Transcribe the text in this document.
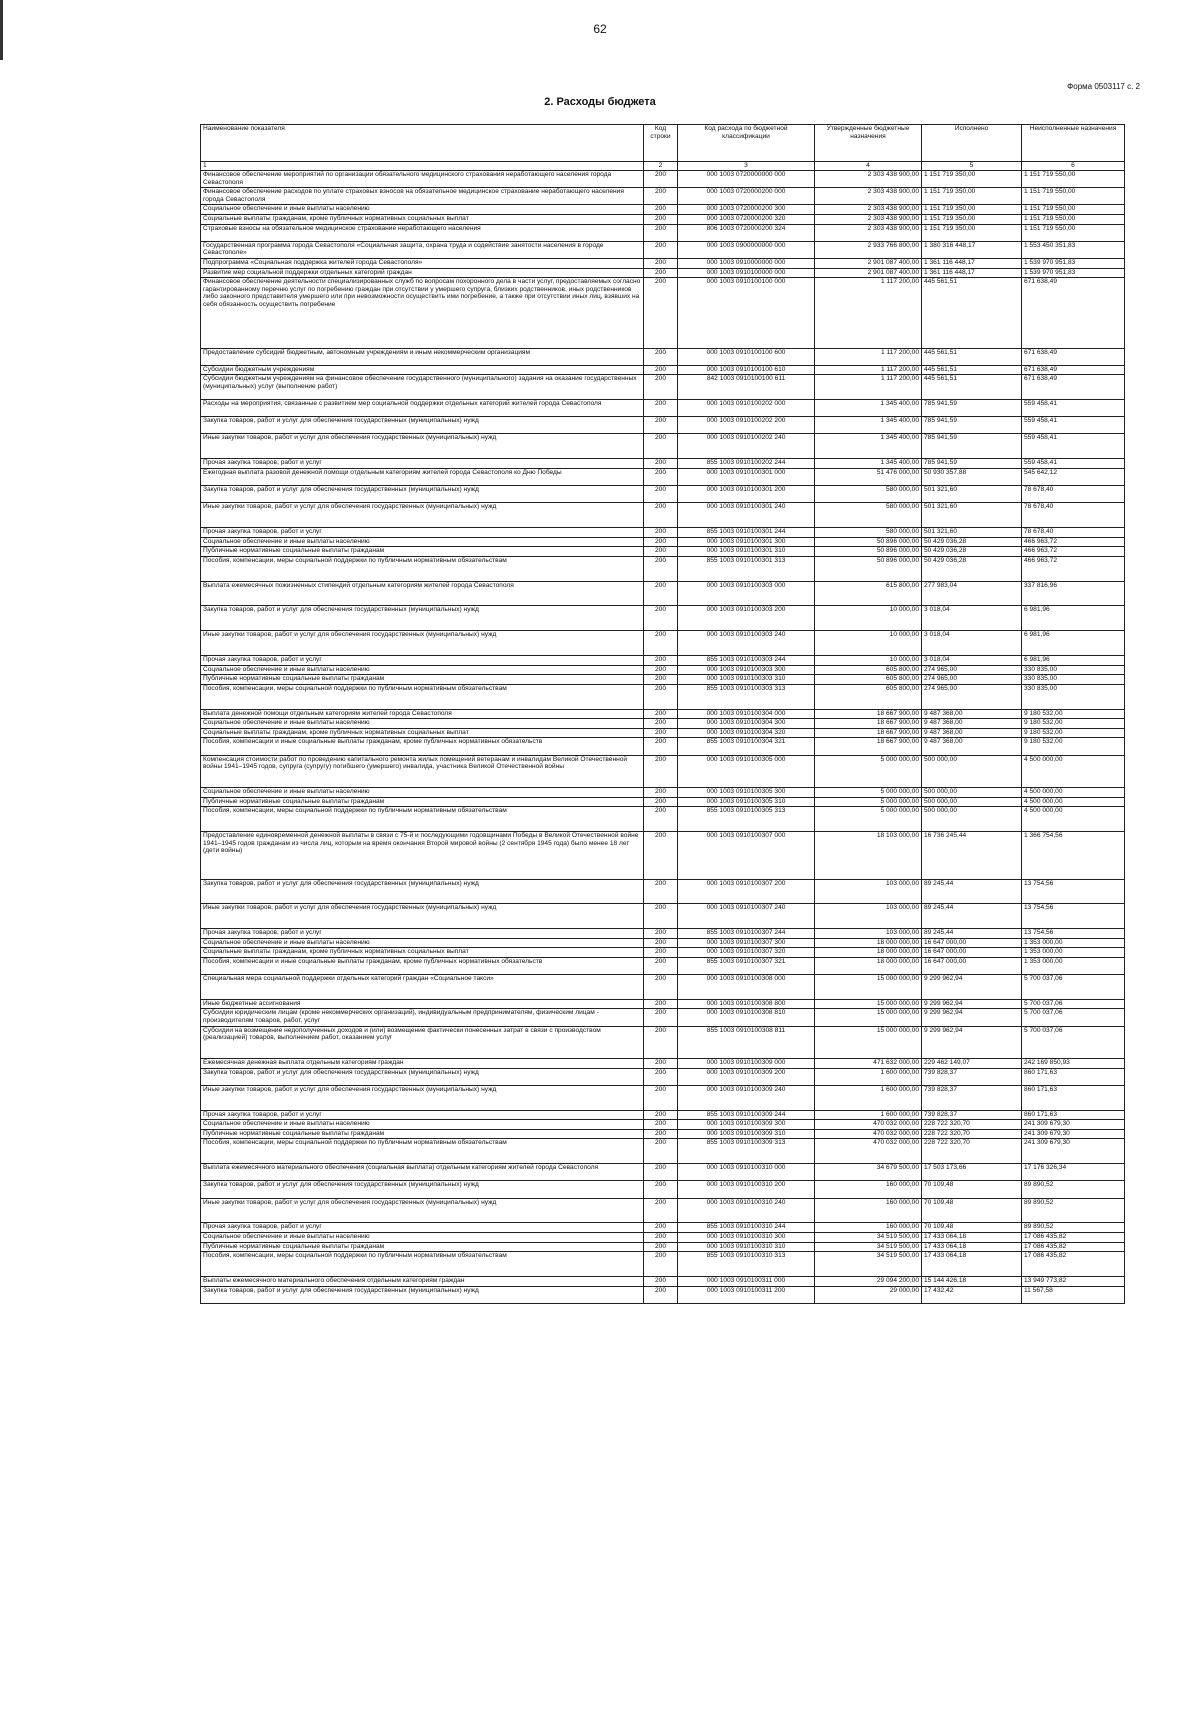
62
Форма 0503117 с. 2
2. Расходы бюджета
Наименование показателя	Код строки	Код расхода по бюджетной классификации	Утвержденные бюджетные назначения	Исполнено	Неисполненные назначения
1	2	3	4	5	6
Финансовое обеспечение мероприятий по организации обязательного медицинского страхования неработающего населения города Севастополя	200	000 1003 0720000000 000	2 303 438 900,00	1 151 719 350,00	1 151 719 550,00
Финансовое обеспечение расходов по уплате страховых взносов на обязательное медицинское страхование неработающего населения города Севастополя	200	000 1003 0720000200 000	2 303 438 900,00	1 151 719 350,00	1 151 719 550,00
Социальное обеспечение и иные выплаты населению	200	000 1003 0720000200 300	2 303 438 900,00	1 151 719 350,00	1 151 719 550,00
Социальные выплаты гражданам, кроме публичных нормативных социальных выплат	200	000 1003 0720000200 320	2 303 438 900,00	1 151 719 350,00	1 151 719 550,00
Страховые взносы на обязательное медицинское страхование неработающего населения	200	806 1003 0720000200 324	2 303 438 900,00	1 151 719 350,00	1 151 719 550,00
Государственная программа города Севастополя «Социальная защита, охрана труда и содействие занятости населения в городе Севастополе»	200	000 1003 0900000000 000	2 933 766 800,00	1 380 316 448,17	1 553 450 351,83
Подпрограмма «Социальная поддержка жителей города Севастополя»	200	000 1003 0910000000 000	2 901 087 400,00	1 361 116 448,17	1 539 970 951,83
Развитие мер социальной поддержки отдельных категорий граждан	200	000 1003 0910100000 000	2 901 087 400,00	1 361 116 448,17	1 539 970 951,83
Финансовое обеспечение деятельности специализированных служб по вопросам похоронного дела в части услуг, предоставляемых согласно гарантированному перечню услуг по погребению граждан при отсутствии у умершего супруга, близких родственников, иных родственников либо законного представителя умершего или при невозможности осуществить ими погребение, а также при отсутствии иных лиц, взявших на себя обязанность осуществить погребение	200	000 1003 0910100100 000	1 117 200,00	445 561,51	671 638,49
Предоставление субсидий бюджетным, автономным учреждениям и иным некоммерческим организациям	200	000 1003 0910100100 600	1 117 200,00	445 561,51	671 638,49
Субсидии бюджетным учреждениям	200	000 1003 0910100100 610	1 117 200,00	445 561,51	671 638,49
Субсидии бюджетным учреждениям на финансовое обеспечение государственного (муниципального) задания на оказание государственных (муниципальных) услуг (выполнение работ)	200	842 1003 0910100100 611	1 117 200,00	445 561,51	671 638,49
Расходы на мероприятия, связанные с развитием мер социальной поддержки отдельных категорий жителей города Севастополя	200	000 1003 0910100202 000	1 345 400,00	785 941,59	559 458,41
Закупка товаров, работ и услуг для обеспечения государственных (муниципальных) нужд	200	000 1003 0910100202 200	1 345 400,00	785 941,59	559 458,41
Иные закупки товаров, работ и услуг для обеспечения государственных (муниципальных) нужд	200	000 1003 0910100202 240	1 345 400,00	785 941,59	559 458,41
Прочая закупка товаров, работ и услуг	200	855 1003 0910100202 244	1 345 400,00	785 941,59	559 458,41
Ежегодная выплата разовой денежной помощи отдельным категориям жителей города Севастополя ко Дню Победы	200	000 1003 0910100301 000	51 476 000,00	50 930 357,88	545 642,12
Закупка товаров, работ и услуг для обеспечения государственных (муниципальных) нужд	200	000 1003 0910100301 200	580 000,00	501 321,60	78 678,40
Иные закупки товаров, работ и услуг для обеспечения государственных (муниципальных) нужд	200	000 1003 0910100301 240	580 000,00	501 321,60	78 678,40
Прочая закупка товаров, работ и услуг	200	855 1003 0910100301 244	580 000,00	501 321,60	78 678,40
Социальное обеспечение и иные выплаты населению	200	000 1003 0910100301 300	50 896 000,00	50 429 036,28	466 963,72
Публичные нормативные социальные выплаты гражданам	200	000 1003 0910100301 310	50 896 000,00	50 429 036,28	466 963,72
Пособия, компенсации, меры социальной поддержки по публичным нормативным обязательствам	200	855 1003 0910100301 313	50 896 000,00	50 429 036,28	466 963,72
Выплата ежемесячных пожизненных стипендий отдельным категориям жителей города Севастополя	200	000 1003 0910100303 000	615 800,00	277 983,04	337 816,96
Закупка товаров, работ и услуг для обеспечения государственных (муниципальных) нужд	200	000 1003 0910100303 200	10 000,00	3 018,04	6 981,96
Иные закупки товаров, работ и услуг для обеспечения государственных (муниципальных) нужд	200	000 1003 0910100303 240	10 000,00	3 018,04	6 981,96
Прочая закупка товаров, работ и услуг	200	855 1003 0910100303 244	10 000,00	3 018,04	6 981,96
Социальное обеспечение и иные выплаты населению	200	000 1003 0910100303 300	605 800,00	274 965,00	330 835,00
Публичные нормативные социальные выплаты гражданам	200	000 1003 0910100303 310	605 800,00	274 965,00	330 835,00
Пособия, компенсации, меры социальной поддержки по публичным нормативным обязательствам	200	855 1003 0910100303 313	605 800,00	274 965,00	330 835,00
Выплата денежной помощи отдельным категориям жителей города Севастополя	200	000 1003 0910100304 000	18 667 900,00	9 487 368,00	9 180 532,00
Социальное обеспечение и иные выплаты населению	200	000 1003 0910100304 300	18 667 900,00	9 487 368,00	9 180 532,00
Социальные выплаты гражданам, кроме публичных нормативных социальных выплат	200	000 1003 0910100304 320	18 667 900,00	9 487 368,00	9 180 532,00
Пособия, компенсации и иные социальные выплаты гражданам, кроме публичных нормативных обязательств	200	855 1003 0910100304 321	18 667 900,00	9 487 368,00	9 180 532,00
Компенсация стоимости работ по проведению капитального ремонта жилых помещений ветеранам и инвалидам Великой Отечественной войны 1941–1945 годов, супруга (супругу) погибшего (умершего) инвалида, участника Великой Отечественной войны	200	000 1003 0910100305 000	5 000 000,00	500 000,00	4 500 000,00
Социальное обеспечение и иные выплаты населению	200	000 1003 0910100305 300	5 000 000,00	500 000,00	4 500 000,00
Публичные нормативные социальные выплаты гражданам	200	000 1003 0910100305 310	5 000 000,00	500 000,00	4 500 000,00
Пособия, компенсации, меры социальной поддержки по публичным нормативным обязательствам	200	855 1003 0910100305 313	5 000 000,00	500 000,00	4 500 000,00
Предоставление единовременной денежной выплаты в связи с 75-й и последующими годовщинами Победы в Великой Отечественной войне 1941–1945 годов гражданам из числа лиц, которым на время окончания Второй мировой войны (2 сентября 1945 года) было менее 18 лет (дети войны)	200	000 1003 0910100307 000	18 103 000,00	16 736 245,44	1 366 754,56
Закупка товаров, работ и услуг для обеспечения государственных (муниципальных) нужд	200	000 1003 0910100307 200	103 000,00	89 245,44	13 754,56
Иные закупки товаров, работ и услуг для обеспечения государственных (муниципальных) нужд	200	000 1003 0910100307 240	103 000,00	89 245,44	13 754,56
Прочая закупка товаров, работ и услуг	200	855 1003 0910100307 244	103 000,00	89 245,44	13 754,56
Социальное обеспечение и иные выплаты населению	200	000 1003 0910100307 300	18 000 000,00	16 647 000,00	1 353 000,00
Социальные выплаты гражданам, кроме публичных нормативных социальных выплат	200	000 1003 0910100307 320	18 000 000,00	16 647 000,00	1 353 000,00
Пособия, компенсации и иные социальные выплаты гражданам, кроме публичных нормативных обязательств	200	855 1003 0910100307 321	18 000 000,00	16 647 000,00	1 353 000,00
Специальная мера социальной поддержки отдельных категорий граждан «Социальное такси»	200	000 1003 0910100308 000	15 000 000,00	9 299 962,94	5 700 037,06
Иные бюджетные ассигнования	200	000 1003 0910100308 800	15 000 000,00	9 299 962,94	5 700 037,06
Субсидии юридическим лицам (кроме некоммерческих организаций), индивидуальным предпринимателям, физическим лицам - производителям товаров, работ, услуг	200	000 1003 0910100308 810	15 000 000,00	9 299 962,94	5 700 037,06
Субсидии на возмещение недополученных доходов и (или) возмещение фактически понесенных затрат в связи с производством (реализацией) товаров, выполнением работ, оказанием услуг	200	855 1003 0910100308 811	15 000 000,00	9 299 962,94	5 700 037,06
Ежемесячная денежная выплата отдельным категориям граждан	200	000 1003 0910100309 000	471 632 000,00	229 462 149,07	242 169 850,93
Закупка товаров, работ и услуг для обеспечения государственных (муниципальных) нужд	200	000 1003 0910100309 200	1 600 000,00	739 828,37	860 171,63
Иные закупки товаров, работ и услуг для обеспечения государственных (муниципальных) нужд	200	000 1003 0910100309 240	1 600 000,00	739 828,37	860 171,63
Прочая закупка товаров, работ и услуг	200	855 1003 0910100309 244	1 600 000,00	739 828,37	860 171,63
Социальное обеспечение и иные выплаты населению	200	000 1003 0910100309 300	470 032 000,00	228 722 320,70	241 309 679,30
Публичные нормативные социальные выплаты гражданам	200	000 1003 0910100309 310	470 032 000,00	228 722 320,70	241 309 679,30
Пособия, компенсации, меры социальной поддержки по публичным нормативным обязательствам	200	855 1003 0910100309 313	470 032 000,00	228 722 320,70	241 309 679,30
Выплата ежемесячного материального обеспечения (социальная выплата) отдельным категориям жителей города Севастополя	200	000 1003 0910100310 000	34 679 500,00	17 503 173,66	17 176 326,34
Закупка товаров, работ и услуг для обеспечения государственных (муниципальных) нужд	200	000 1003 0910100310 200	160 000,00	70 109,48	89 890,52
Иные закупки товаров, работ и услуг для обеспечения государственных (муниципальных) нужд	200	000 1003 0910100310 240	160 000,00	70 109,48	89 890,52
Прочая закупка товаров, работ и услуг	200	855 1003 0910100310 244	160 000,00	70 109,48	89 890,52
Социальное обеспечение и иные выплаты населению	200	000 1003 0910100310 300	34 519 500,00	17 433 064,18	17 086 435,82
Публичные нормативные социальные выплаты гражданам	200	000 1003 0910100310 310	34 519 500,00	17 433 064,18	17 086 435,82
Пособия, компенсации, меры социальной поддержки по публичным нормативным обязательствам	200	855 1003 0910100310 313	34 519 500,00	17 433 064,18	17 086 435,82
Выплаты ежемесячного материального обеспечения отдельным категориям граждан	200	000 1003 0910100311 000	29 094 200,00	15 144 426,18	13 949 773,82
Закупка товаров, работ и услуг для обеспечения государственных (муниципальных) нужд	200	000 1003 0910100311 200	29 000,00	17 432,42	11 567,58
